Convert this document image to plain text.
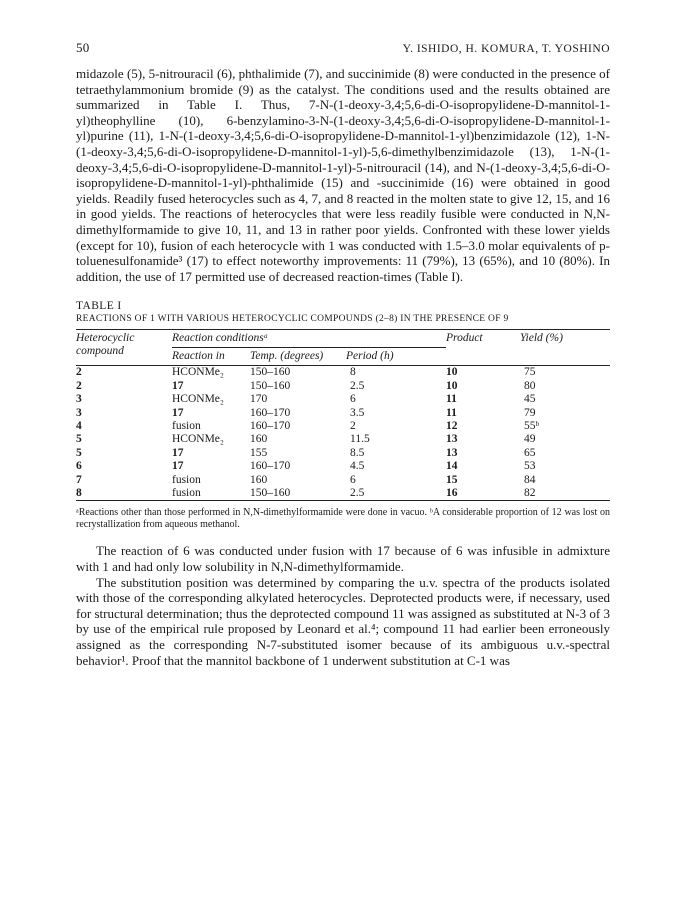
50	Y. ISHIDO, H. KOMURA, T. YOSHINO

midazole (5), 5-nitrouracil (6), phthalimide (7), and succinimide (8) were conducted in the presence of tetraethylammonium bromide (9) as the catalyst. The conditions used and the results obtained are summarized in Table I. Thus, 7-N-(1-deoxy-3,4;5,6-di-O-isopropylidene-D-mannitol-1-yl)theophylline (10), 6-benzylamino-3-N-(1-deoxy-3,4;5,6-di-O-isopropylidene-D-mannitol-1-yl)purine (11), 1-N-(1-deoxy-3,4;5,6-di-O-isopropylidene-D-mannitol-1-yl)benzimidazole (12), 1-N-(1-deoxy-3,4;5,6-di-O-isopropylidene-D-mannitol-1-yl)-5,6-dimethylbenzimidazole (13), 1-N-(1-deoxy-3,4;5,6-di-O-isopropylidene-D-mannitol-1-yl)-5-nitrouracil (14), and N-(1-deoxy-3,4;5,6-di-O-isopropylidene-D-mannitol-1-yl)-phthalimide (15) and -succinimide (16) were obtained in good yields. Readily fused heterocycles such as 4, 7, and 8 reacted in the molten state to give 12, 15, and 16 in good yields. The reactions of heterocycles that were less readily fusible were conducted in N,N-dimethylformamide to give 10, 11, and 13 in rather poor yields. Confronted with these lower yields (except for 10), fusion of each heterocycle with 1 was conducted with 1.5–3.0 molar equivalents of p-toluenesulfonamide³ (17) to effect noteworthy improvements: 11 (79%), 13 (65%), and 10 (80%). In addition, the use of 17 permitted use of decreased reaction-times (Table I).

TABLE I
REACTIONS OF 1 WITH VARIOUS HETEROCYCLIC COMPOUNDS (2–8) IN THE PRESENCE OF 9

Heterocyclic compound	Reaction conditionsᵃ			Product	Yield (%)
	Reaction in	Temp. (degrees)	Period (h)		

2	HCONMe₂	150–160	8	10	75
2	17	150–160	2.5	10	80
3	HCONMe₂	170	6	11	45
3	17	160–170	3.5	11	79
4	fusion	160–170	2	12	55ᵇ
5	HCONMe₂	160	11.5	13	49
5	17	155	8.5	13	65
6	17	160–170	4.5	14	53
7	fusion	160	6	15	84
8	fusion	150–160	2.5	16	82

ᵃReactions other than those performed in N,N-dimethylformamide were done in vacuo. ᵇA considerable proportion of 12 was lost on recrystallization from aqueous methanol.

The reaction of 6 was conducted under fusion with 17 because of 6 was infusible in admixture with 1 and had only low solubility in N,N-dimethylformamide.

The substitution position was determined by comparing the u.v. spectra of the products isolated with those of the corresponding alkylated heterocycles. Deprotected products were, if necessary, used for structural determination; thus the deprotected compound 11 was assigned as substituted at N-3 of 3 by use of the empirical rule proposed by Leonard et al.⁴; compound 11 had earlier been erroneously assigned as the corresponding N-7-substituted isomer because of its ambiguous u.v.-spectral behavior¹. Proof that the mannitol backbone of 1 underwent substitution at C-1 was
